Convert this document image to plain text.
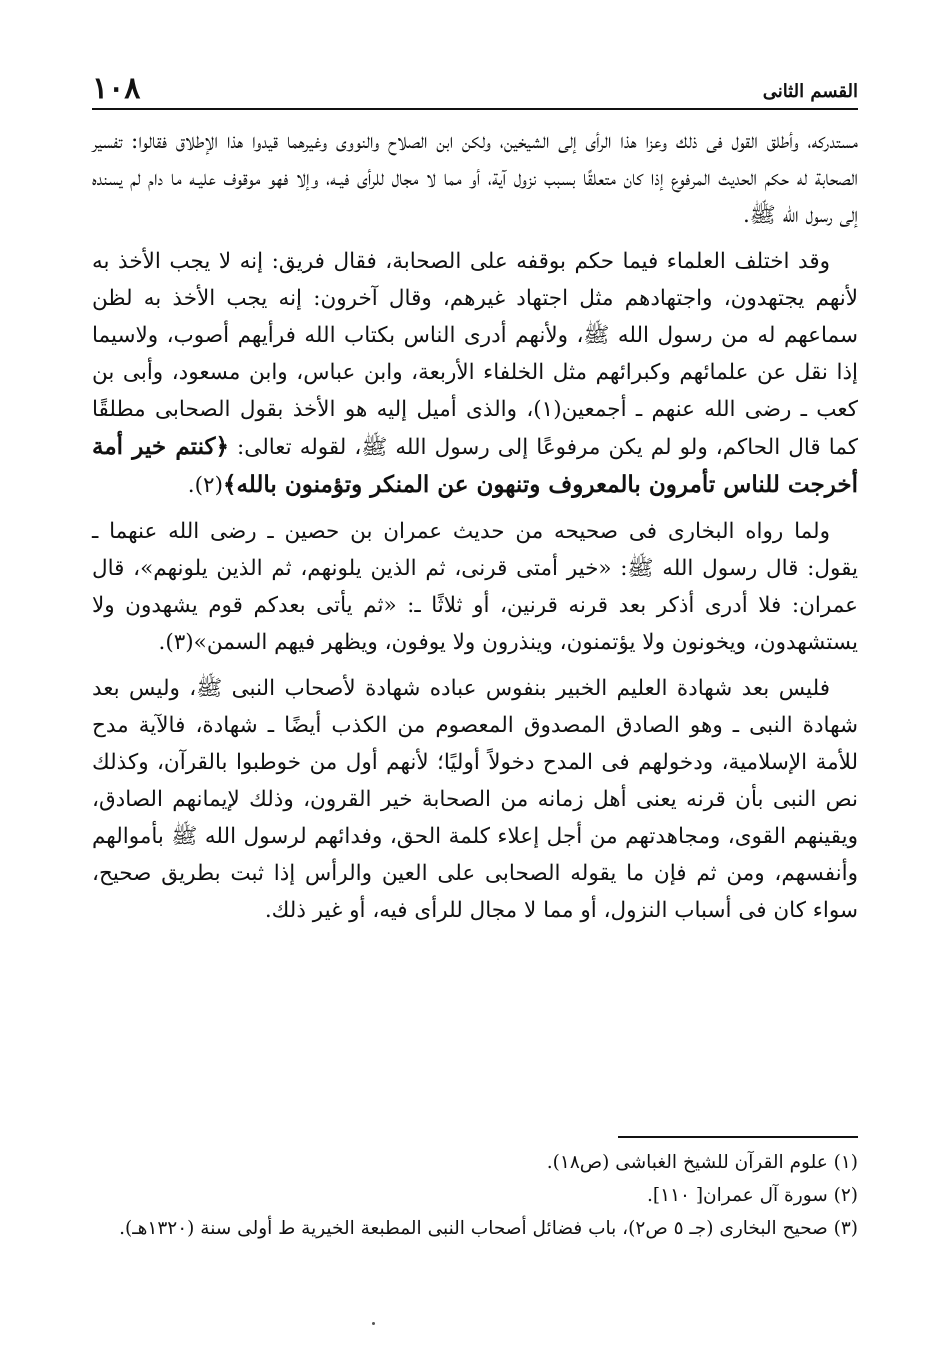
القسم الثانى
١٠٨

مستدركه، وأطلق القول فى ذلك وعزا هذا الرأى إلى الشيخين، ولكن ابن الصلاح والنووى وغيرهما قيدوا هذا الإطلاق فقالوا: تفسير الصحابة له حكم الحديث المرفوع إذا كان متعلقًا بسبب نزول آية، أو مما لا مجال للرأى فيـه، وإلا فهو موقوف عليـه ما دام لم يسنده إلى رسول الله ﷺ.

وقد اختلف العلماء فيما حكم بوقفه على الصحابة، فقال فريق: إنه لا يجب الأخذ به لأنهم يجتهدون، واجتهادهم مثل اجتهاد غيرهم، وقال آخرون: إنه يجب الأخذ به لظن سماعهم له من رسول الله ﷺ، ولأنهم أدرى الناس بكتاب الله فرأيهم أصوب، ولاسيما إذا نقل عن علمائهم وكبرائهم مثل الخلفاء الأربعة، وابن عباس، وابن مسعود، وأبى بن كعب ـ رضى الله عنهم ـ أجمعين(١)، والذى أميل إليه هو الأخذ بقول الصحابى مطلقًا كما قال الحاكم، ولو لم يكن مرفوعًا إلى رسول الله ﷺ، لقوله تعالى: ﴿كنتم خير أمة أخرجت للناس تأمرون بالمعروف وتنهون عن المنكر وتؤمنون بالله﴾(٢).

ولما رواه البخارى فى صحيحه من حديث عمران بن حصين ـ رضى الله عنهما ـ يقول: قال رسول الله ﷺ: «خير أمتى قرنى، ثم الذين يلونهم، ثم الذين يلونهم»، قال عمران: فلا أدرى أذكر بعد قرنه قرنين، أو ثلاثًا ـ: «ثم يأتى بعدكم قوم يشهدون ولا يستشهدون، ويخونون ولا يؤتمنون، وينذرون ولا يوفون، ويظهر فيهم السمن»(٣).

فليس بعد شهادة العليم الخبير بنفوس عباده شهادة لأصحاب النبى ﷺ، وليس بعد شهادة النبى ـ وهو الصادق المصدوق المعصوم من الكذب أيضًا ـ شهادة، فالآية مدح للأمة الإسلامية، ودخولهم فى المدح دخولاً أوليًا؛ لأنهم أول من خوطبوا بالقرآن، وكذلك نص النبى بأن قرنه يعنى أهل زمانه من الصحابة خير القرون، وذلك لإيمانهم الصادق، ويقينهم القوى، ومجاهدتهم من أجل إعلاء كلمة الحق، وفدائهم لرسول الله ﷺ بأموالهم وأنفسهم، ومن ثم فإن ما يقوله الصحابى على العين والرأس إذا ثبت بطريق صحيح، سواء كان فى أسباب النزول، أو مما لا مجال للرأى فيه، أو غير ذلك.

(١) علوم القرآن للشيخ الغباشى (ص١٨).
(٢) سورة آل عمران[ ١١٠].
(٣) صحيح البخارى (جـ ٥ ص٢)، باب فضائل أصحاب النبى المطبعة الخيرية ط أولى سنة (١٣٢٠هـ).
